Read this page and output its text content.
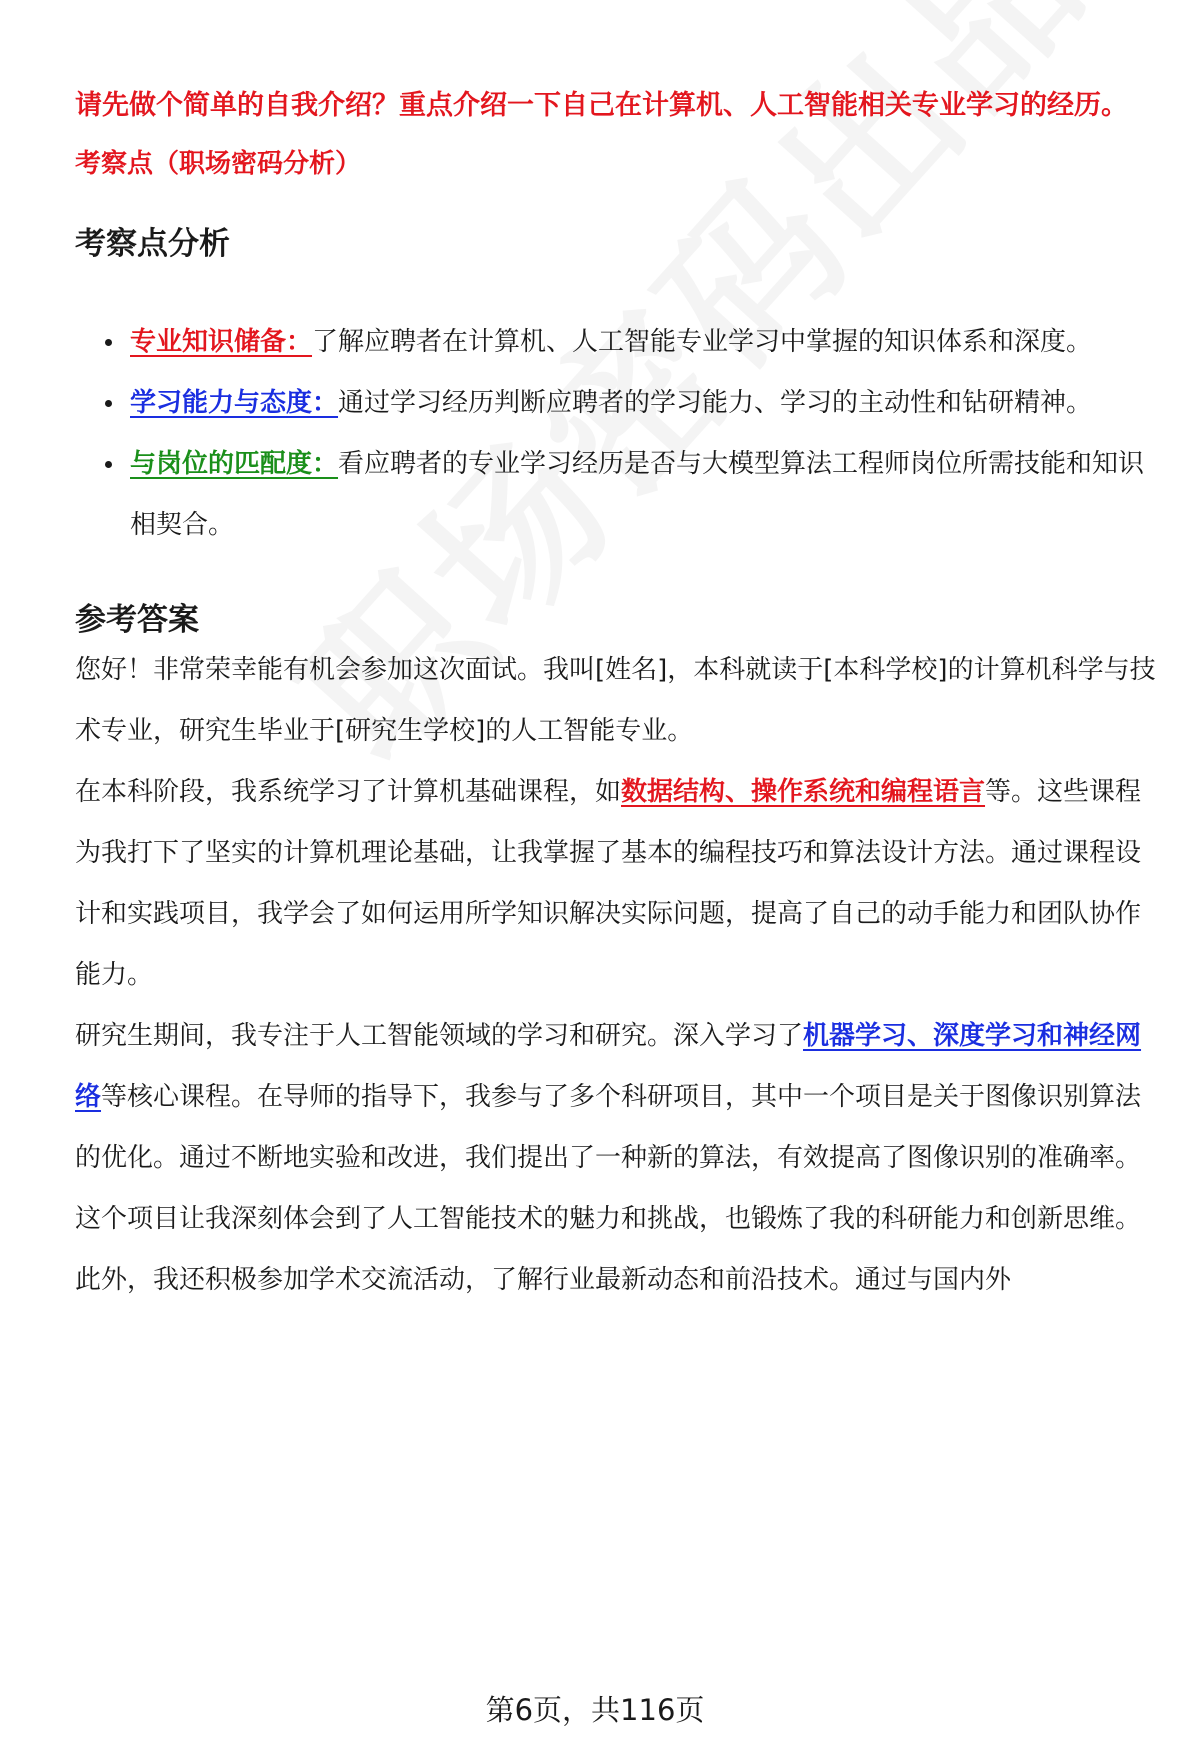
请先做个简单的自我介绍？重点介绍一下自己在计算机、人工智能相关专业学习的经历。

考察点（职场密码分析）

考察点分析
专业知识储备：了解应聘者在计算机、人工智能专业学习中掌握的知识体系和深度。
学习能力与态度：通过学习经历判断应聘者的学习能力、学习的主动性和钻研精神。
与岗位的匹配度：看应聘者的专业学习经历是否与大模型算法工程师岗位所需技能和知识相契合。
参考答案

您好！非常荣幸能有机会参加这次面试。我叫[姓名]，本科就读于[本科学校]的计算机科学与技术专业，研究生毕业于[研究生学校]的人工智能专业。

在本科阶段，我系统学习了计算机基础课程，如数据结构、操作系统和编程语言等。这些课程为我打下了坚实的计算机理论基础，让我掌握了基本的编程技巧和算法设计方法。通过课程设计和实践项目，我学会了如何运用所学知识解决实际问题，提高了自己的动手能力和团队协作能力。

研究生期间，我专注于人工智能领域的学习和研究。深入学习了机器学习、深度学习和神经网络等核心课程。在导师的指导下，我参与了多个科研项目，其中一个项目是关于图像识别算法的优化。通过不断地实验和改进，我们提出了一种新的算法，有效提高了图像识别的准确率。这个项目让我深刻体会到了人工智能技术的魅力和挑战，也锻炼了我的科研能力和创新思维。

此外，我还积极参加学术交流活动，了解行业最新动态和前沿技术。通过与国内外

第6页，共116页
